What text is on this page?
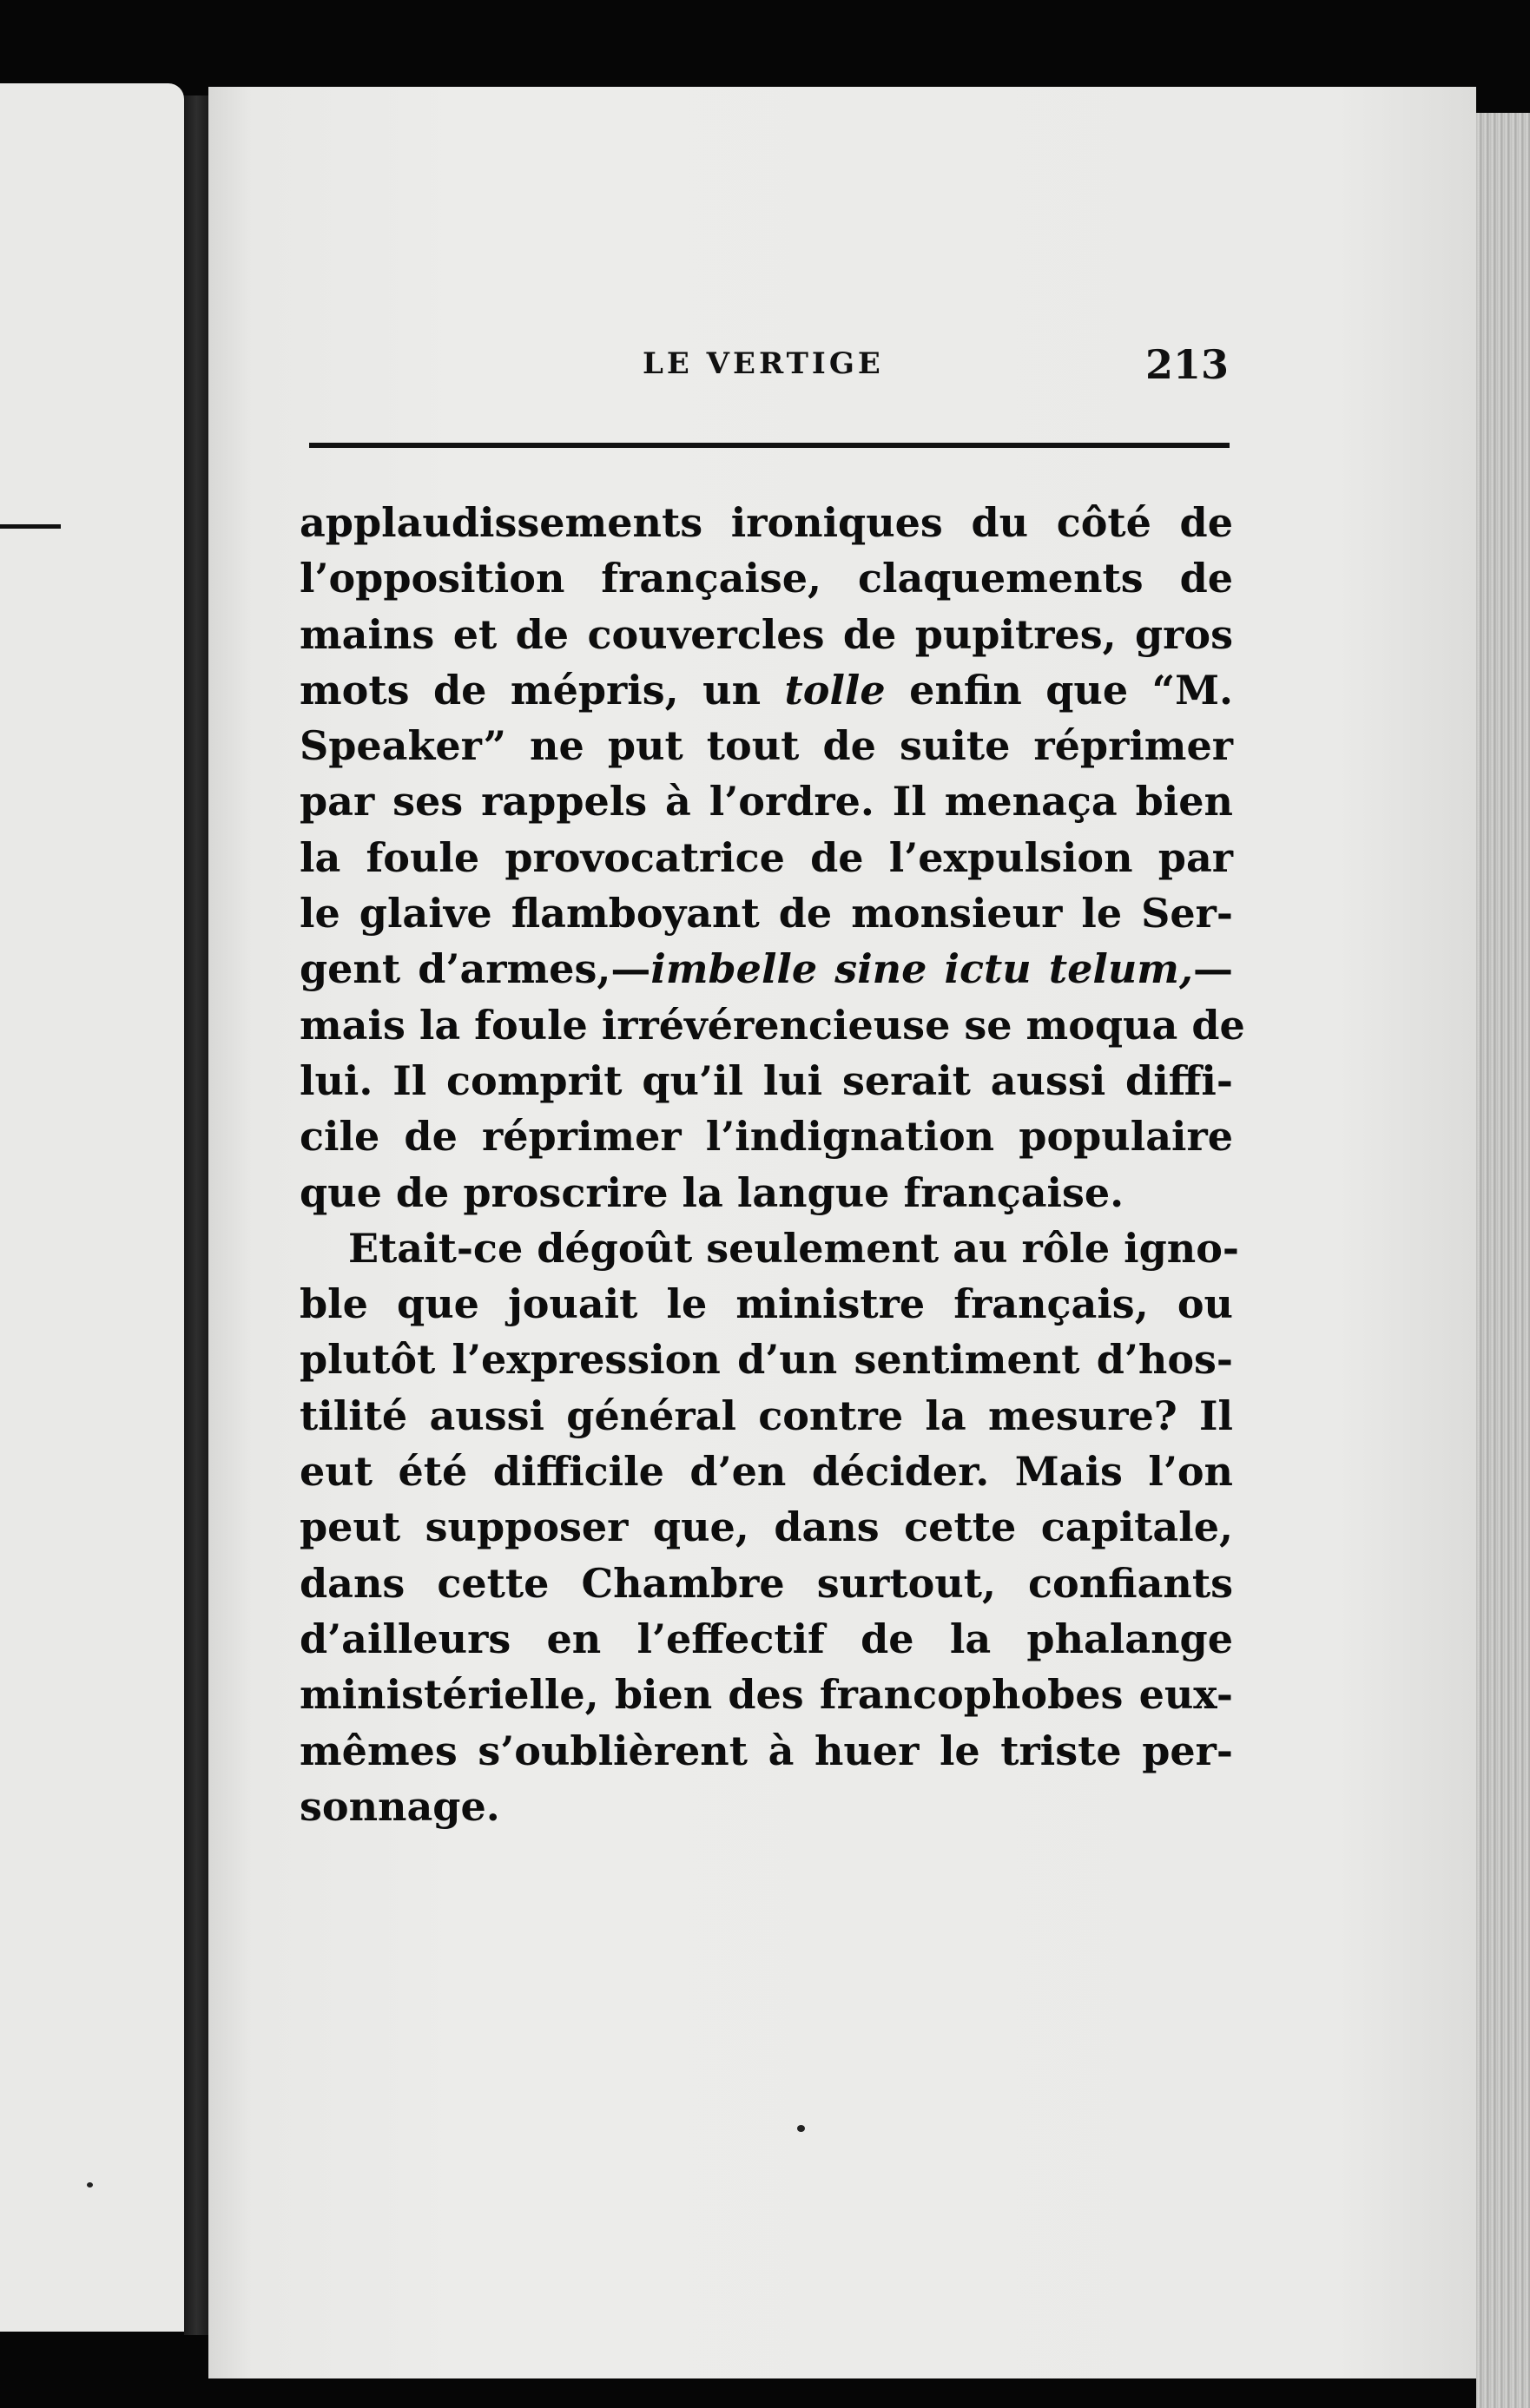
LE VERTIGE	213
applaudissements ironiques du côté de
l’opposition française, claquements de
mains et de couvercles de pupitres, gros
mots de mépris, un tolle enfin que “M.
Speaker” ne put tout de suite réprimer
par ses rappels à l’ordre. Il menaça bien
la foule provocatrice de l’expulsion par
le glaive flamboyant de monsieur le Ser-
gent d’armes,—imbelle sine ictu telum,—
mais la foule irrévérencieuse se moqua de
lui. Il comprit qu’il lui serait aussi diffi-
cile de réprimer l’indignation populaire
que de proscrire la langue française.
Etait-ce dégoût seulement au rôle igno-
ble que jouait le ministre français, ou
plutôt l’expression d’un sentiment d’hos-
tilité aussi général contre la mesure? Il
eut été difficile d’en décider. Mais l’on
peut supposer que, dans cette capitale,
dans cette Chambre surtout, confiants
d’ailleurs en l’effectif de la phalange
ministérielle, bien des francophobes eux-
mêmes s’oublièrent à huer le triste per-
sonnage.
